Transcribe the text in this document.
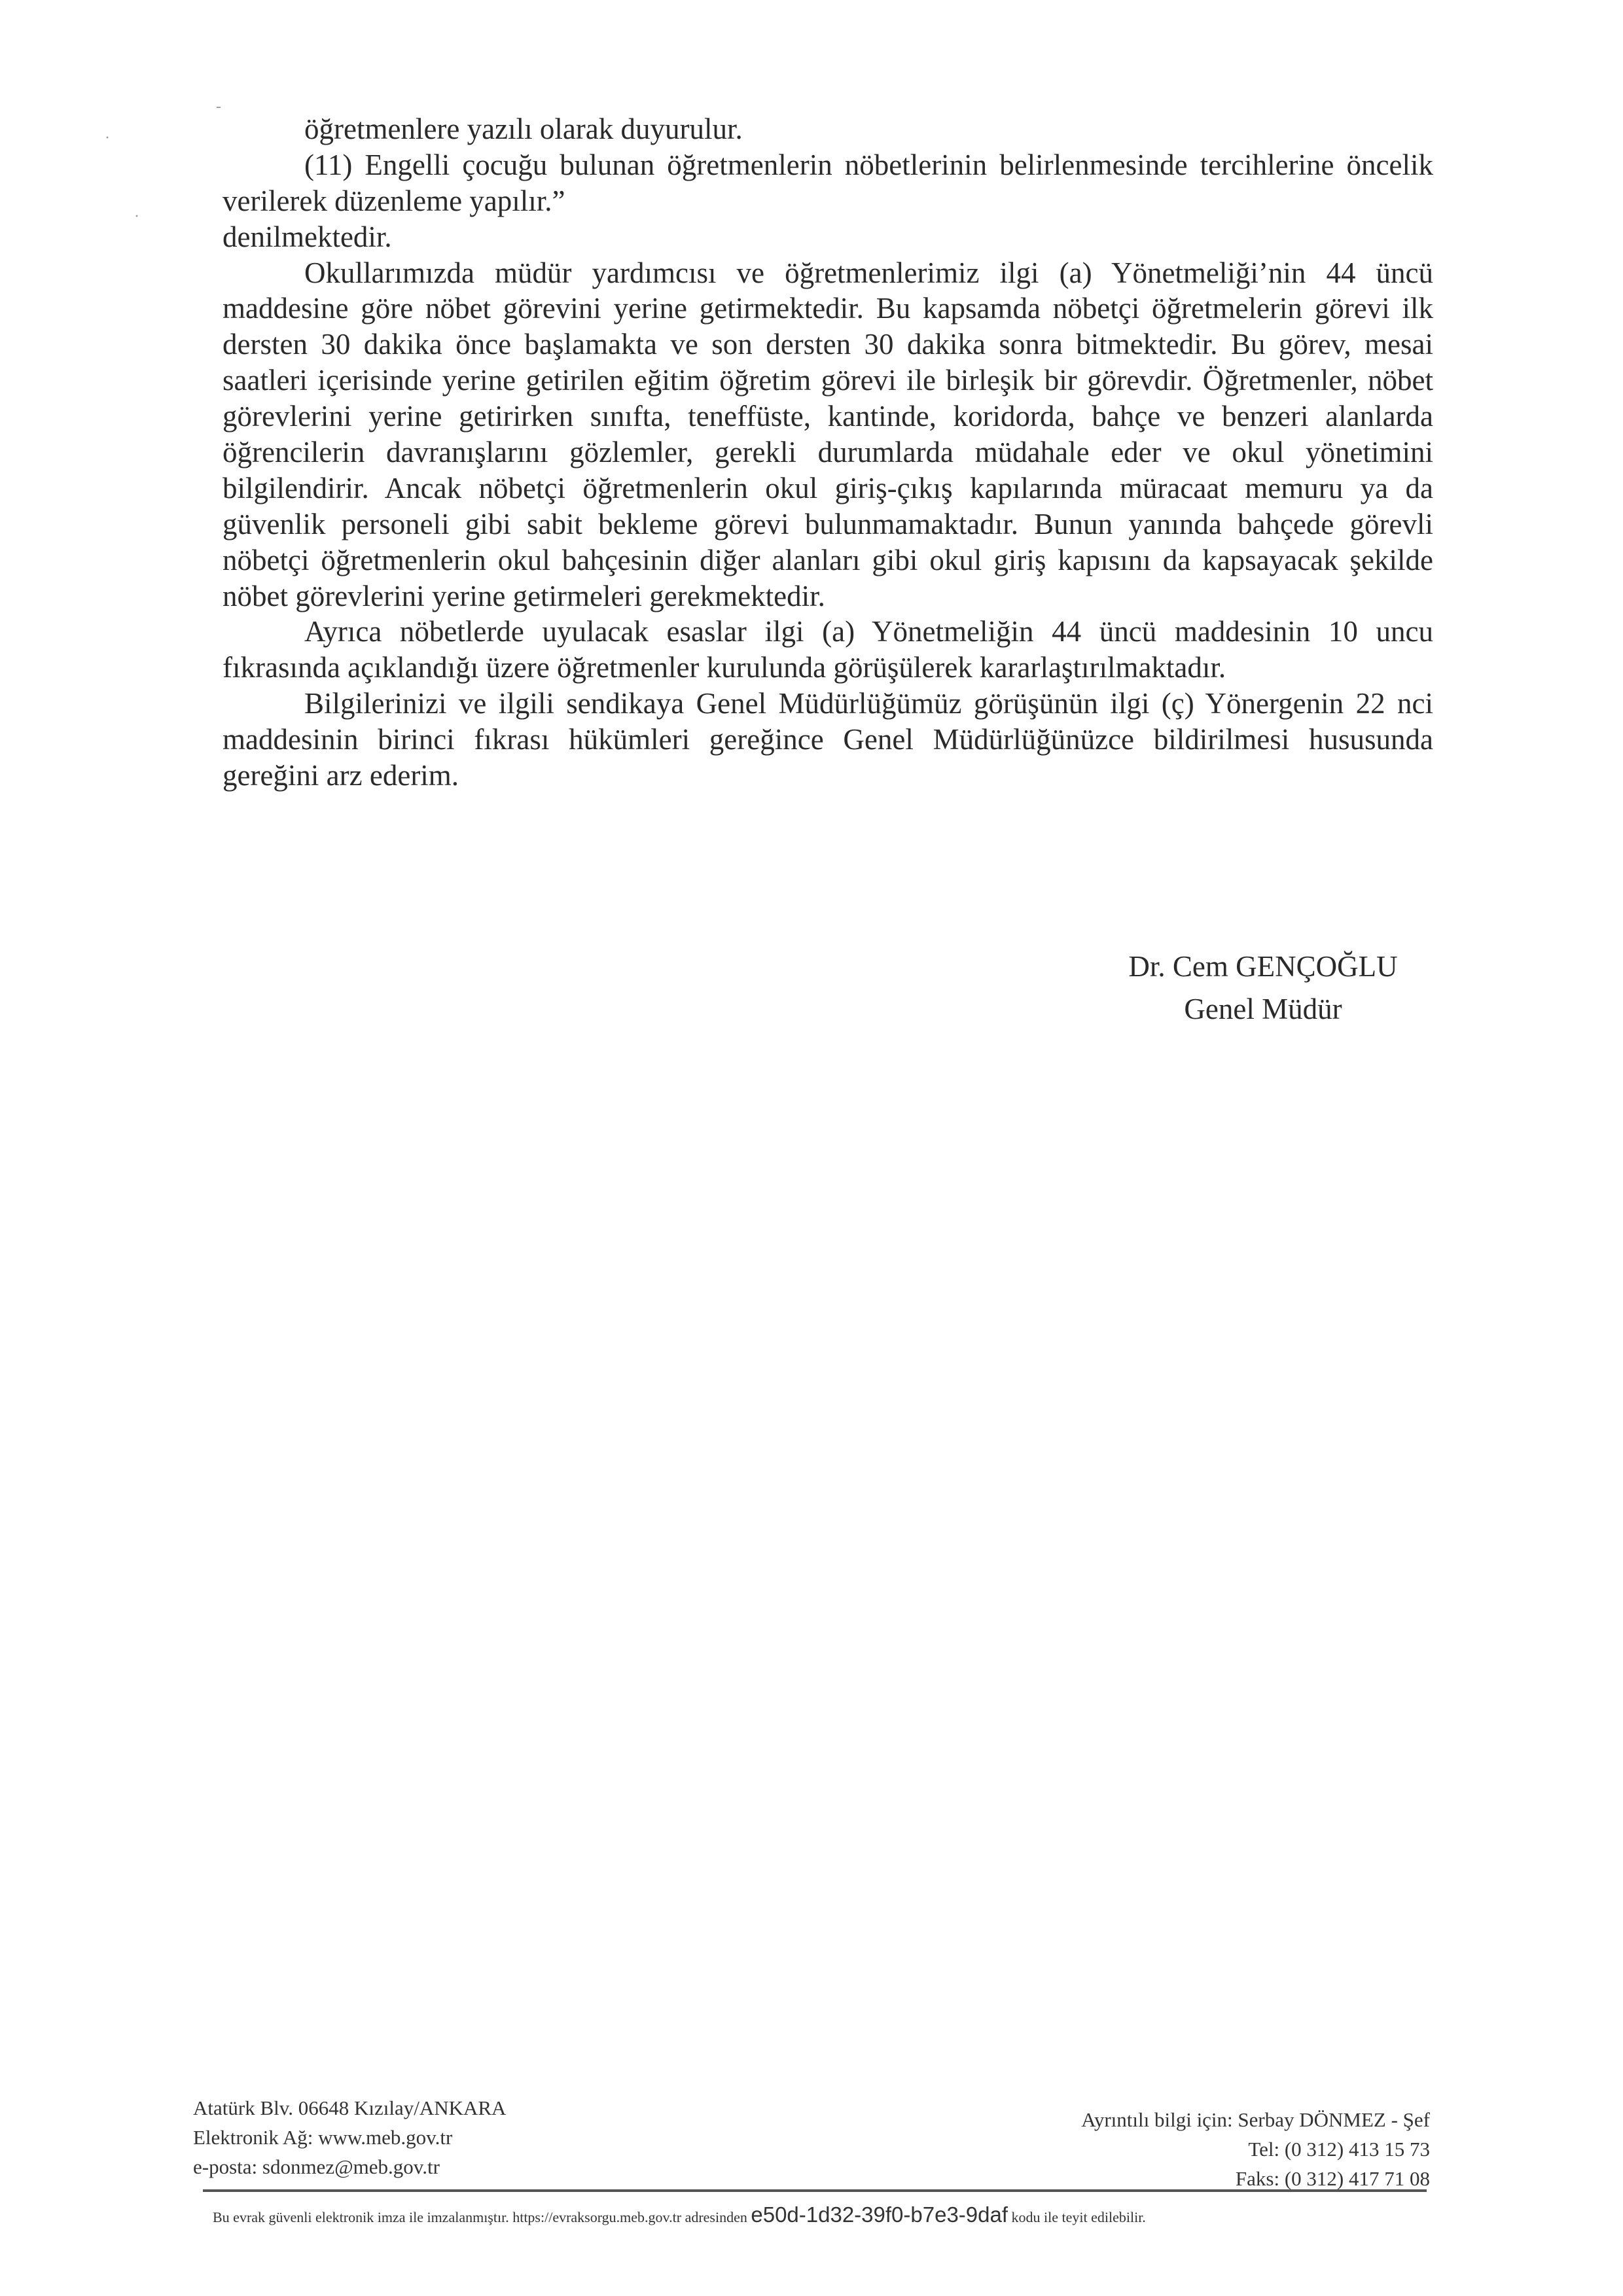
-
·
·

öğretmenlere yazılı olarak duyurulur.

(11) Engelli çocuğu bulunan öğretmenlerin nöbetlerinin belirlenmesinde tercihlerine öncelik verilerek düzenleme yapılır.”

denilmektedir.

Okullarımızda müdür yardımcısı ve öğretmenlerimiz ilgi (a) Yönetmeliği’nin 44 üncü maddesine göre nöbet görevini yerine getirmektedir. Bu kapsamda nöbetçi öğretmelerin görevi ilk dersten 30 dakika önce başlamakta ve son dersten 30 dakika sonra bitmektedir. Bu görev, mesai saatleri içerisinde yerine getirilen eğitim öğretim görevi ile birleşik bir görevdir. Öğretmenler, nöbet görevlerini yerine getirirken sınıfta, teneffüste, kantinde, koridorda, bahçe ve benzeri alanlarda öğrencilerin davranışlarını gözlemler, gerekli durumlarda müdahale eder ve okul yönetimini bilgilendirir. Ancak nöbetçi öğretmenlerin okul giriş-çıkış kapılarında müracaat memuru ya da güvenlik personeli gibi sabit bekleme görevi bulunmamaktadır. Bunun yanında bahçede görevli nöbetçi öğretmenlerin okul bahçesinin diğer alanları gibi okul giriş kapısını da kapsayacak şekilde nöbet görevlerini yerine getirmeleri gerekmektedir.

Ayrıca nöbetlerde uyulacak esaslar ilgi (a) Yönetmeliğin 44 üncü maddesinin 10 uncu fıkrasında açıklandığı üzere öğretmenler kurulunda görüşülerek kararlaştırılmaktadır.

Bilgilerinizi ve ilgili sendikaya Genel Müdürlüğümüz görüşünün ilgi (ç) Yönergenin 22 nci maddesinin birinci fıkrası hükümleri gereğince Genel Müdürlüğünüzce bildirilmesi hususunda gereğini arz ederim.

Dr. Cem GENÇOĞLU
Genel Müdür
Atatürk Blv. 06648 Kızılay/ANKARA
Elektronik Ağ: www.meb.gov.tr
e-posta: sdonmez@meb.gov.tr
Ayrıntılı bilgi için: Serbay DÖNMEZ - Şef
Tel: (0 312) 413 15 73
Faks: (0 312) 417 71 08
Bu evrak güvenli elektronik imza ile imzalanmıştır. https://evraksorgu.meb.gov.tr adresinden e50d-1d32-39f0-b7e3-9daf kodu ile teyit edilebilir.
